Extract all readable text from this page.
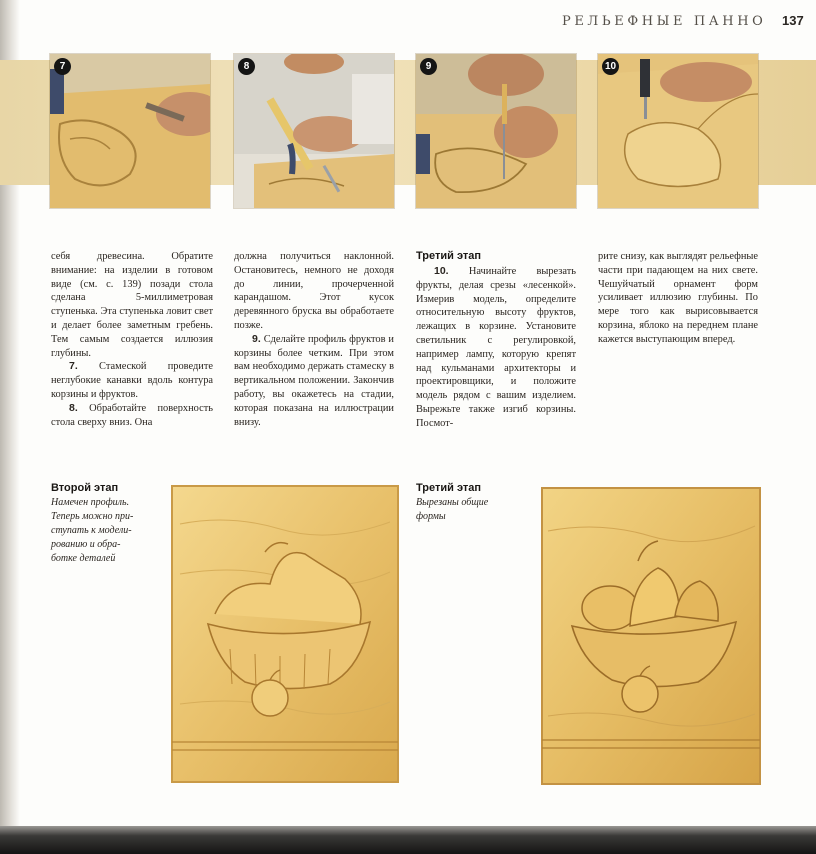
РЕЛЬЕФНЫЕ ПАННО 137
7	8	9	10

себя древесина. Обратите внимание: на изделии в готовом виде (см. с. 139) позади стола сделана 5-миллиметровая ступенька. Эта ступенька ловит свет и делает более заметным гребень. Тем самым создается иллюзия глубины.

7. Стамеской проведите неглубокие канавки вдоль контура корзины и фруктов.

8. Обработайте поверхность стола сверху вниз. Она

должна получиться наклонной. Остановитесь, немного не доходя до линии, прочерченной карандашом. Этот кусок деревянного бруска вы обработаете позже.

9. Сделайте профиль фруктов и корзины более четким. При этом вам необходимо держать стамеску в вертикальном положении. Закончив работу, вы окажетесь на стадии, которая показана на иллюстрации внизу.

Третий этап

10. Начинайте вырезать фрукты, делая срезы «лесенкой». Измерив модель, определите относительную высоту фруктов, лежащих в корзине. Установите светильник с регулировкой, например лампу, которую крепят над кульманами архитекторы и проектировщики, и положите модель рядом с вашим изделием. Вырежьте также изгиб корзины. Посмот-

рите снизу, как выглядят рельефные части при падающем на них свете. Чешуйчатый орнамент форм усиливает иллюзию глубины. По мере того как вырисовывается корзина, яблоко на переднем плане кажется выступающим вперед.

Второй этап
Намечен профиль.
Теперь можно при-
ступать к модели-
рованию и обра-
ботке деталей
Третий этап
Вырезаны общие
формы
